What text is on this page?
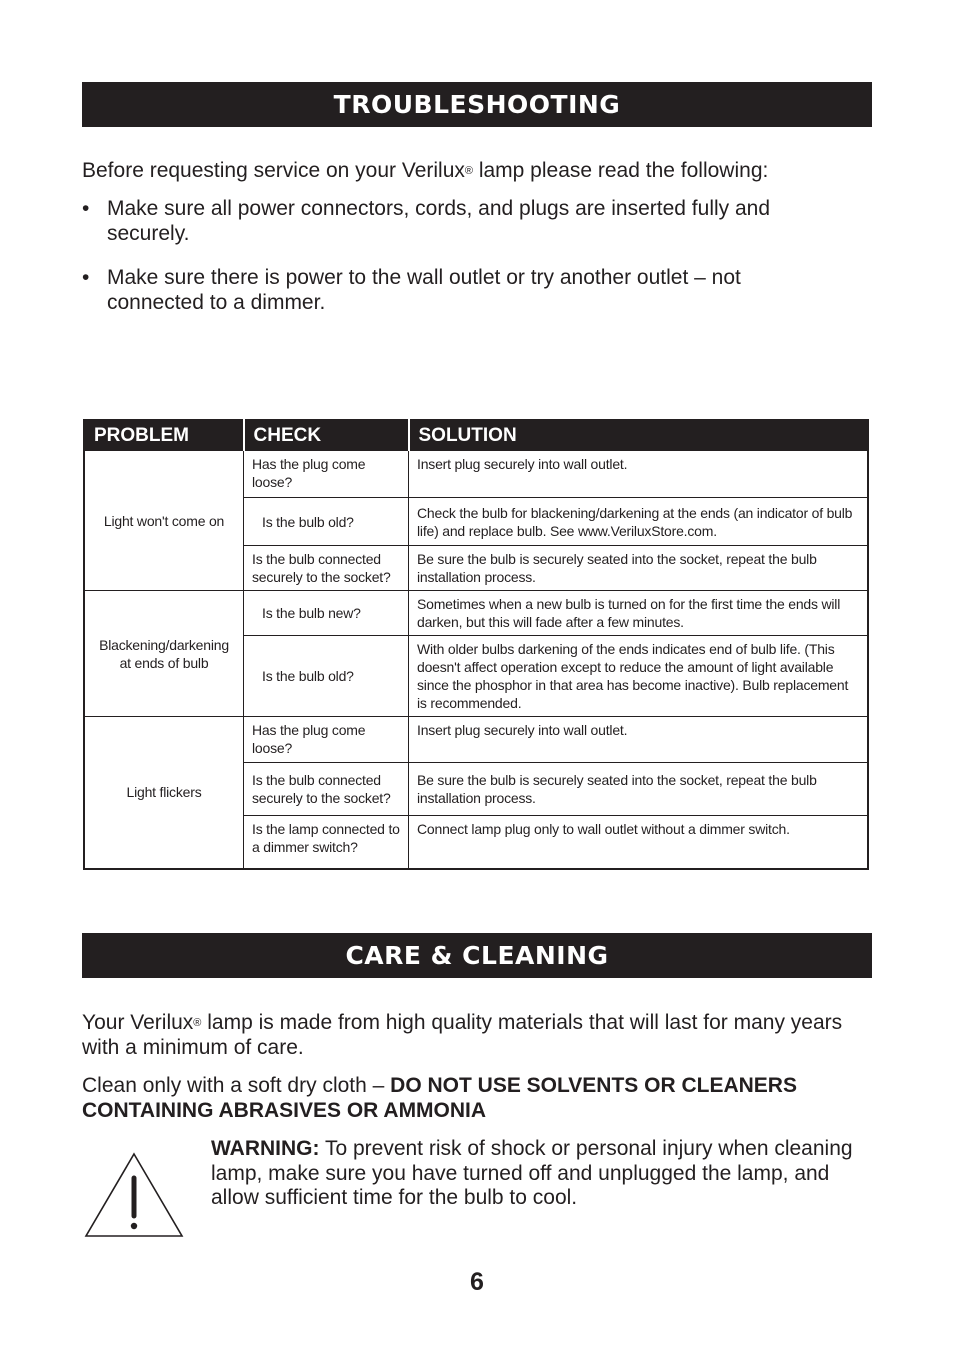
TROUBLESHOOTING
Before requesting service on your Verilux® lamp please read the following:
• Make sure all power connectors, cords, and plugs are inserted fully and securely.
• Make sure there is power to the wall outlet or try another outlet – not connected to a dimmer.
PROBLEM	CHECK	SOLUTION
Light won't come on	Has the plug come loose?	Insert plug securely into wall outlet.
	Is the bulb old?	Check the bulb for blackening/darkening at the ends (an indicator of bulb life) and replace bulb. See www.VeriluxStore.com.
	Is the bulb connected securely to the socket?	Be sure the bulb is securely seated into the socket, repeat the bulb installation process.
Blackening/darkening at ends of bulb	Is the bulb new?	Sometimes when a new bulb is turned on for the first time the ends will darken, but this will fade after a few minutes.
	Is the bulb old?	With older bulbs darkening of the ends indicates end of bulb life. (This doesn't affect operation except to reduce the amount of light available since the phosphor in that area has become inactive). Bulb replacement is recommended.
Light flickers	Has the plug come loose?	Insert plug securely into wall outlet.
	Is the bulb connected securely to the socket?	Be sure the bulb is securely seated into the socket, repeat the bulb installation process.
	Is the lamp connected to a dimmer switch?	Connect lamp plug only to wall outlet without a dimmer switch.
CARE & CLEANING
Your Verilux® lamp is made from high quality materials that will last for many years with a minimum of care.
Clean only with a soft dry cloth – DO NOT USE SOLVENTS OR CLEANERS CONTAINING ABRASIVES OR AMMONIA
WARNING: To prevent risk of shock or personal injury when cleaning lamp, make sure you have turned off and unplugged the lamp, and allow sufficient time for the bulb to cool.
6
